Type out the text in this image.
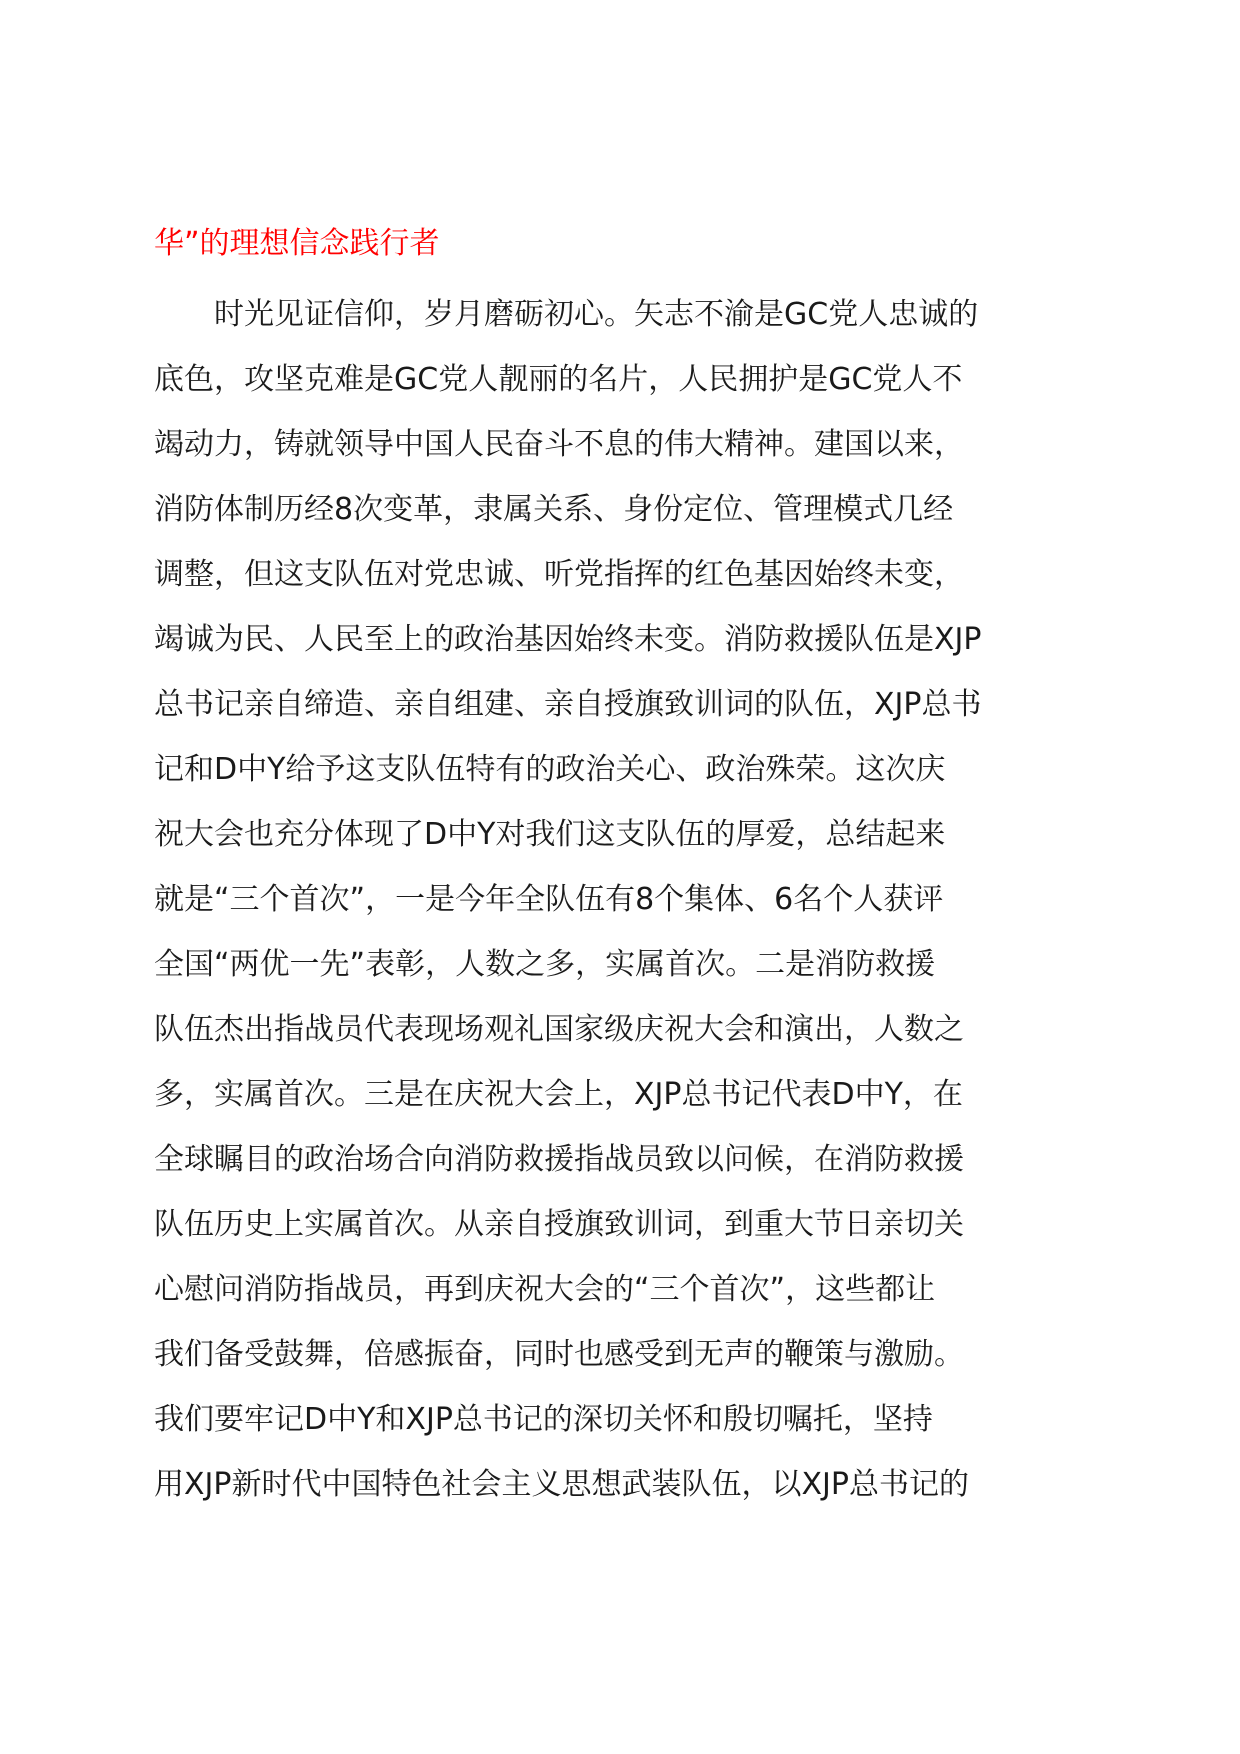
华”的理想信念践行者
　　时光见证信仰，岁月磨砺初心。矢志不渝是GC党人忠诚的
底色，攻坚克难是GC党人靓丽的名片，人民拥护是GC党人不
竭动力，铸就领导中国人民奋斗不息的伟大精神。建国以来，
消防体制历经8次变革，隶属关系、身份定位、管理模式几经
调整，但这支队伍对党忠诚、听党指挥的红色基因始终未变，
竭诚为民、人民至上的政治基因始终未变。消防救援队伍是XJP
总书记亲自缔造、亲自组建、亲自授旗致训词的队伍，XJP总书
记和D中Y给予这支队伍特有的政治关心、政治殊荣。这次庆
祝大会也充分体现了D中Y对我们这支队伍的厚爱，总结起来
就是“三个首次”，一是今年全队伍有8个集体、6名个人获评
全国“两优一先”表彰，人数之多，实属首次。二是消防救援
队伍杰出指战员代表现场观礼国家级庆祝大会和演出，人数之
多，实属首次。三是在庆祝大会上，XJP总书记代表D中Y，在
全球瞩目的政治场合向消防救援指战员致以问候，在消防救援
队伍历史上实属首次。从亲自授旗致训词，到重大节日亲切关
心慰问消防指战员，再到庆祝大会的“三个首次”，这些都让
我们备受鼓舞，倍感振奋，同时也感受到无声的鞭策与激励。
我们要牢记D中Y和XJP总书记的深切关怀和殷切嘱托，坚持
用XJP新时代中国特色社会主义思想武装队伍，以XJP总书记的
